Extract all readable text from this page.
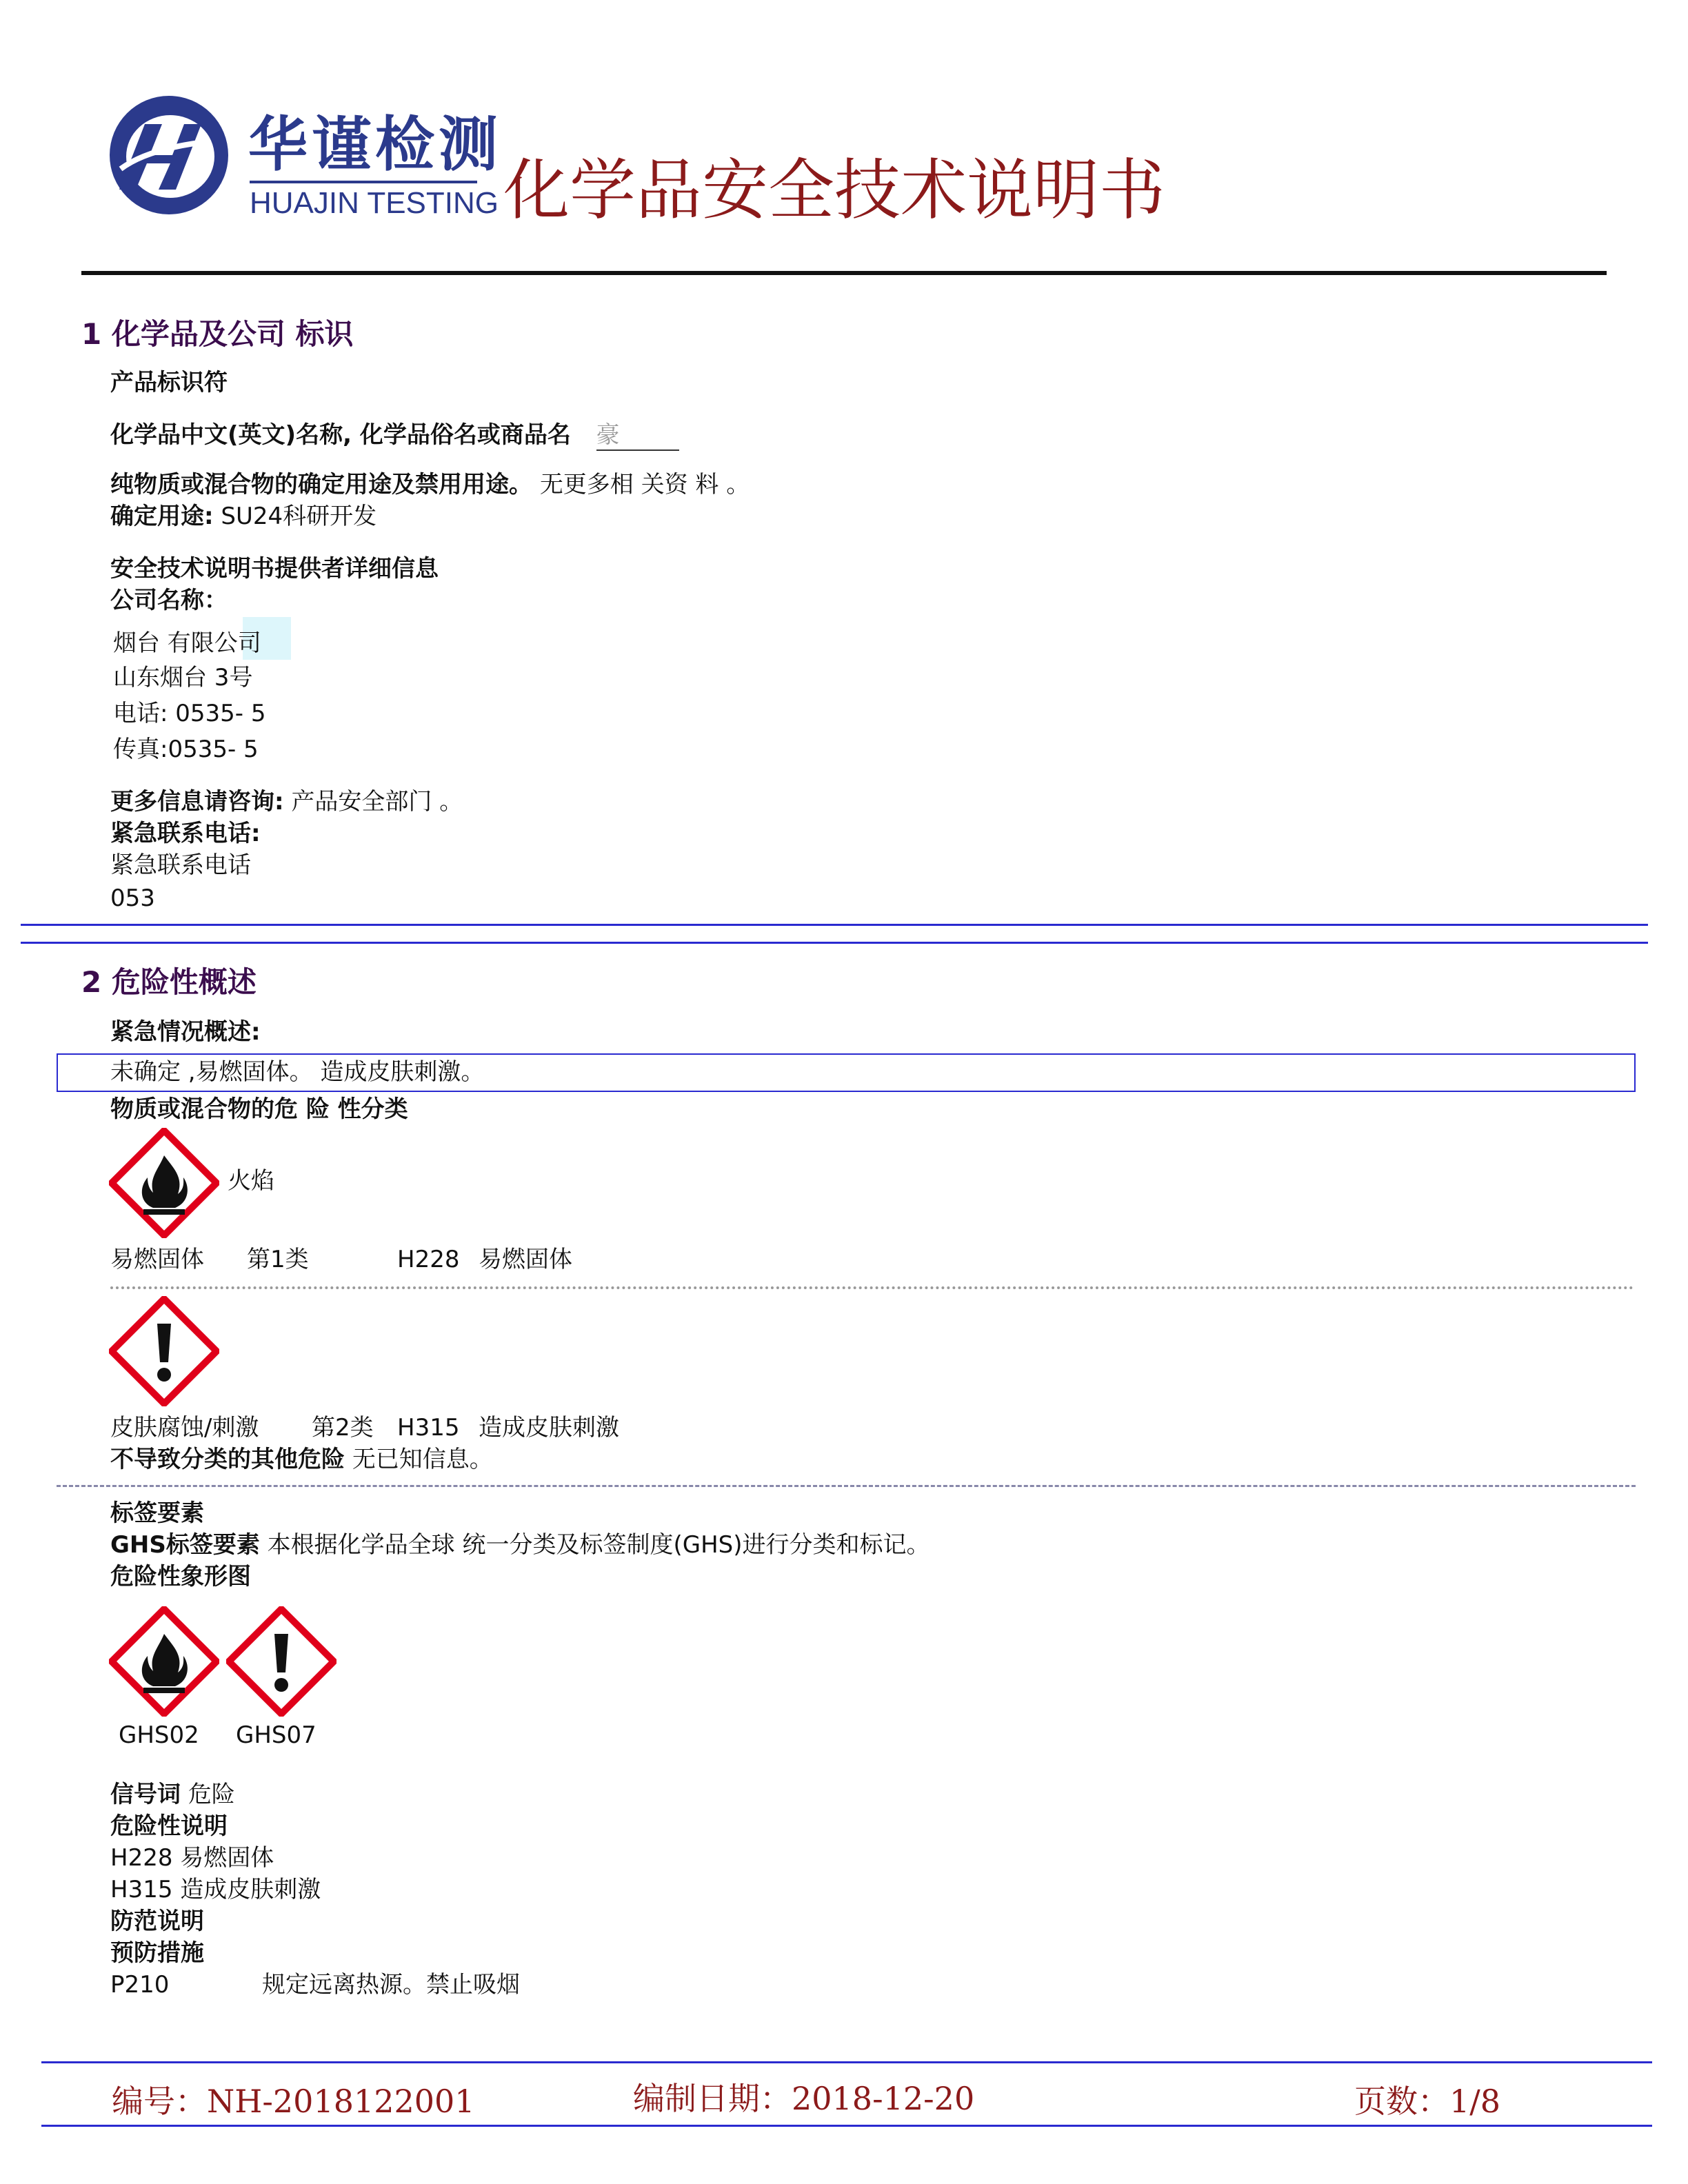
华谨检测
HUAJIN TESTING 化学品安全技术说明书
1 化学品及公司 标识
产品标识符
化学品中文(英文)名称, 化学品俗名或商品名 豪
纯物质或混合物的确定用途及禁用用途。 无更多相 关资 料 。
确定用途: SU24科研开发
安全技术说明书提供者详细信息
公司名称：
烟台 有限公司
山东烟台 3号
电话: 0535- 5
传真:0535- 5
更多信息请咨询: 产品安全部门 。
紧急联系电话:
紧急联系电话
053
2 危险性概述
紧急情况概述:
未确定 ,易燃固体。 造成皮肤刺激。
物质或混合物的危 险 性分类
火焰
易燃固体 第1类	H228 易燃固体
皮肤腐蚀/刺激 第2类 H315 造成皮肤刺激
不导致分类的其他危险 无已知信息。
标签要素
GHS标签要素 本根据化学品全球 统一分类及标签制度(GHS)进行分类和标记。
危险性象形图
GHS02 GHS07
信号词 危险
危险性说明
H228 易燃固体
H315 造成皮肤刺激
防范说明
预防措施
P210	规定远离热源。禁止吸烟
编号：NH-2018122001	编制日期：2018-12-20	页数：1/8
